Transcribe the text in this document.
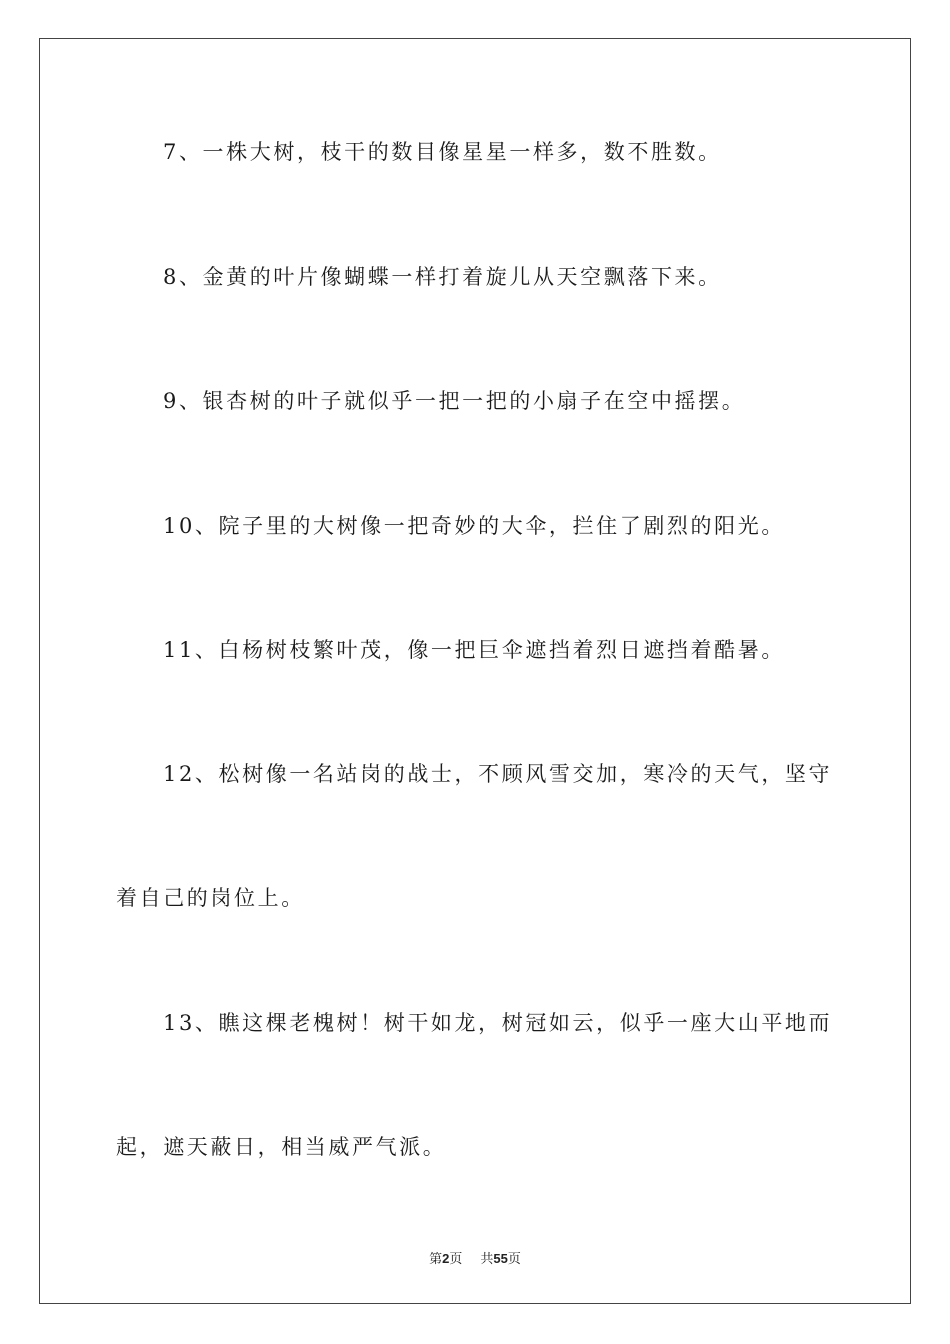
7、一株大树，枝干的数目像星星一样多，数不胜数。

8、金黄的叶片像蝴蝶一样打着旋儿从天空飘落下来。

9、银杏树的叶子就似乎一把一把的小扇子在空中摇摆。

10、院子里的大树像一把奇妙的大伞，拦住了剧烈的阳光。

11、白杨树枝繁叶茂，像一把巨伞遮挡着烈日遮挡着酷暑。

12、松树像一名站岗的战士，不顾风雪交加，寒冷的天气，坚守

着自己的岗位上。

13、瞧这棵老槐树！树干如龙，树冠如云，似乎一座大山平地而

起，遮天蔽日，相当威严气派。

第2页 共55页
